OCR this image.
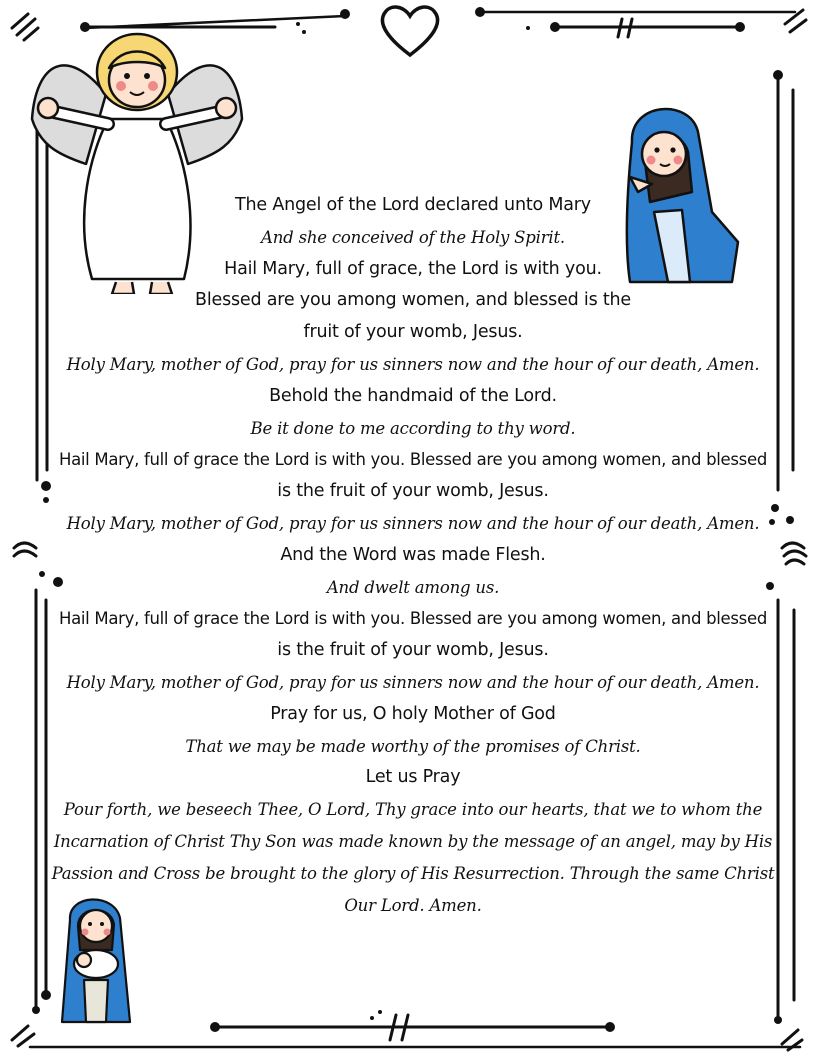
The Angel of the Lord declared unto Mary
And she conceived of the Holy Spirit.
Hail Mary, full of grace, the Lord is with you.
Blessed are you among women, and blessed is the
fruit of your womb, Jesus.
Holy Mary, mother of God, pray for us sinners now and the hour of our death, Amen.
Behold the handmaid of the Lord.
Be it done to me according to thy word.
Hail Mary, full of grace the Lord is with you. Blessed are you among women, and blessed
is the fruit of your womb, Jesus.
Holy Mary, mother of God, pray for us sinners now and the hour of our death, Amen.
And the Word was made Flesh.
And dwelt among us.
Hail Mary, full of grace the Lord is with you. Blessed are you among women, and blessed
is the fruit of your womb, Jesus.
Holy Mary, mother of God, pray for us sinners now and the hour of our death, Amen.
Pray for us, O holy Mother of God
That we may be made worthy of the promises of Christ.
Let us Pray
Pour forth, we beseech Thee, O Lord, Thy grace into our hearts, that we to whom the
Incarnation of Christ Thy Son was made known by the message of an angel, may by His
Passion and Cross be brought to the glory of His Resurrection. Through the same Christ
Our Lord. Amen.
